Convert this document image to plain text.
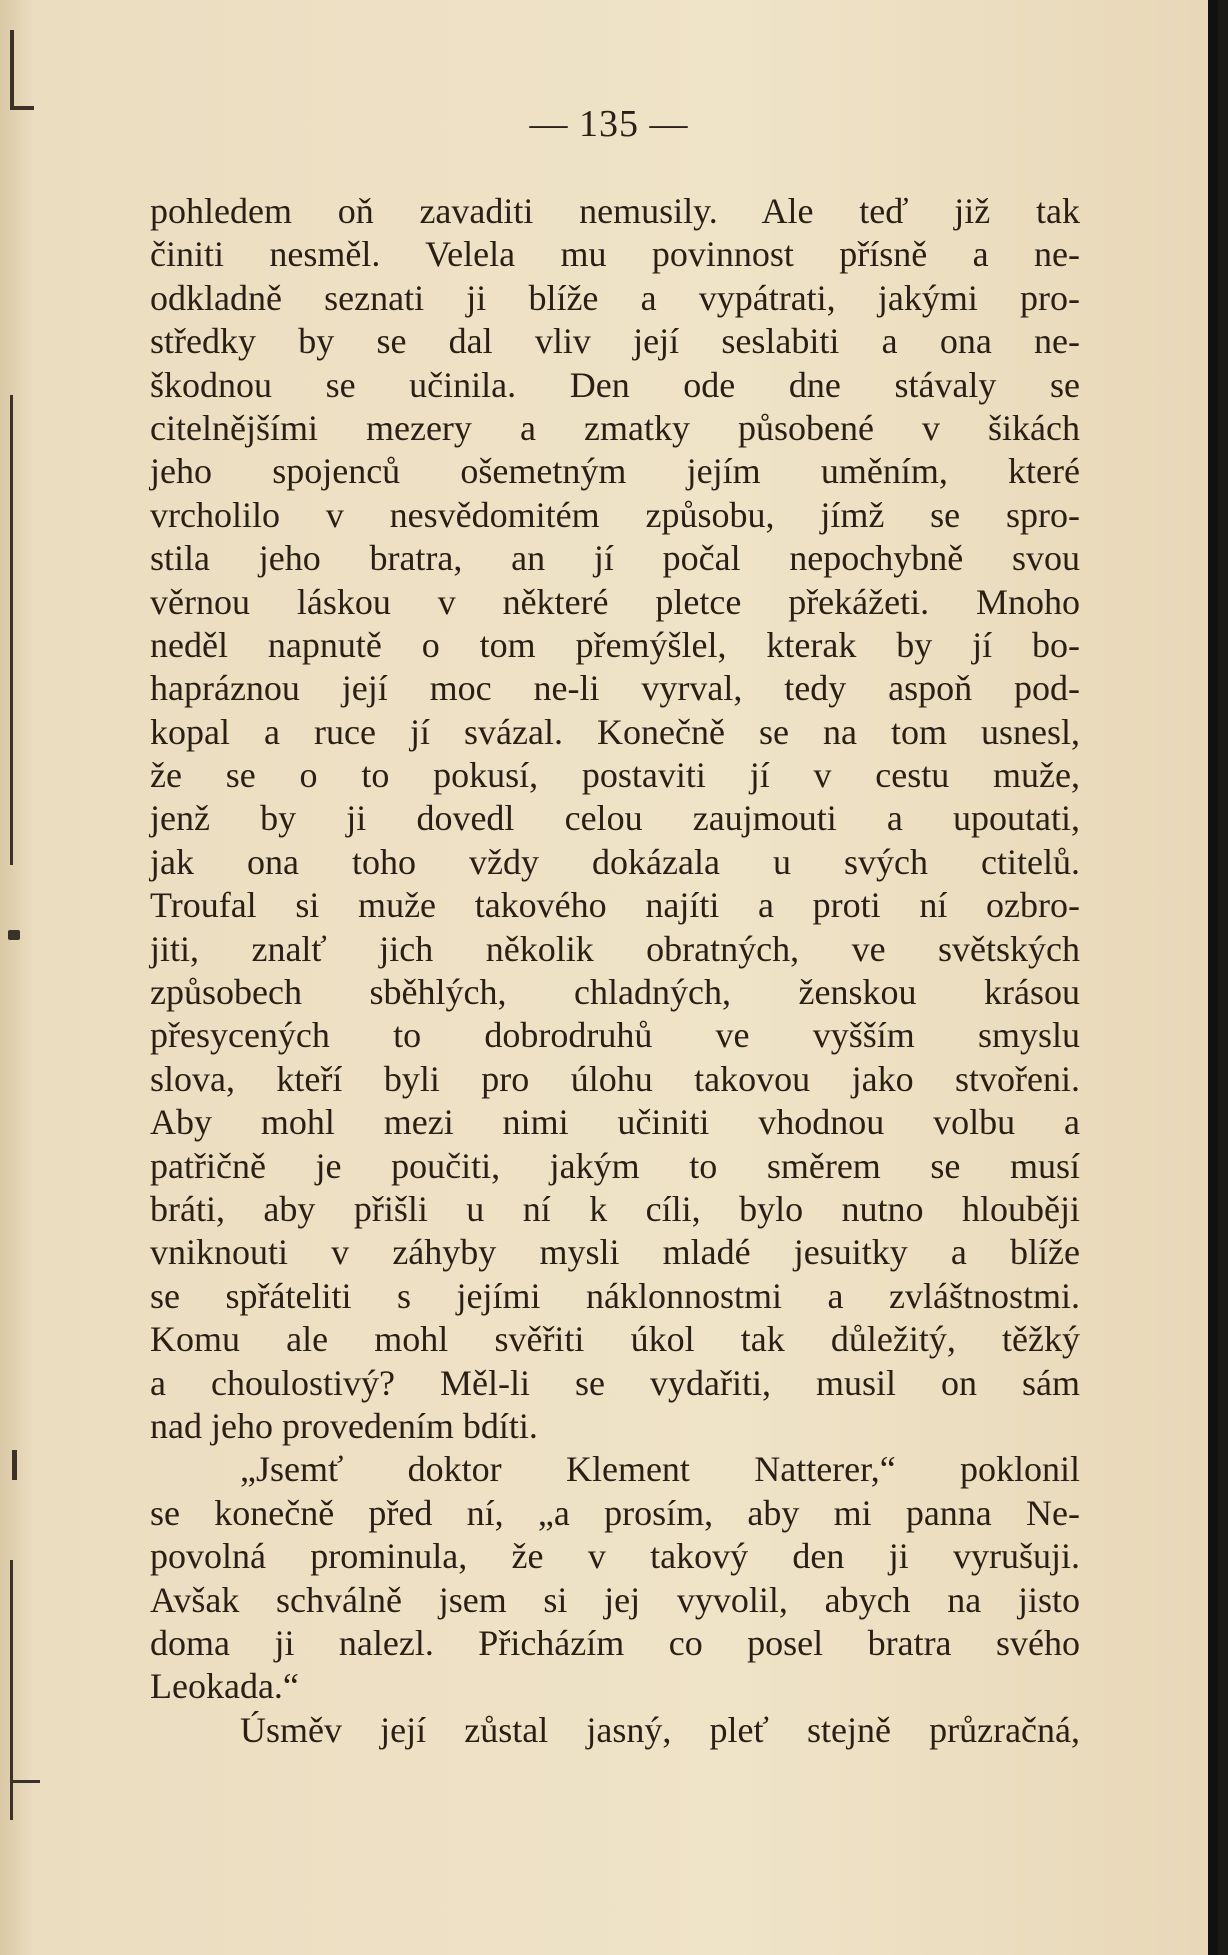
— 135 —
pohledem oň zavaditi nemusily. Ale teď již tak
činiti nesměl. Velela mu povinnost přísně a ne-
odkladně seznati ji blíže a vypátrati, jakými pro-
středky by se dal vliv její seslabiti a ona ne-
škodnou se učinila. Den ode dne stávaly se
citelnějšími mezery a zmatky působené v šikách
jeho spojenců ošemetným jejím uměním, které
vrcholilo v nesvědomitém způsobu, jímž se spro-
stila jeho bratra, an jí počal nepochybně svou
věrnou láskou v některé pletce překážeti. Mnoho
neděl napnutě o tom přemýšlel, kterak by jí bo-
hapráznou její moc ne-li vyrval, tedy aspoň pod-
kopal a ruce jí svázal. Konečně se na tom usnesl,
že se o to pokusí, postaviti jí v cestu muže,
jenž by ji dovedl celou zaujmouti a upoutati,
jak ona toho vždy dokázala u svých ctitelů.
Troufal si muže takového najíti a proti ní ozbro-
jiti, znalť jich několik obratných, ve světských
způsobech sběhlých, chladných, ženskou krásou
přesycených to dobrodruhů ve vyšším smyslu
slova, kteří byli pro úlohu takovou jako stvořeni.
Aby mohl mezi nimi učiniti vhodnou volbu a
patřičně je poučiti, jakým to směrem se musí
bráti, aby přišli u ní k cíli, bylo nutno hlouběji
vniknouti v záhyby mysli mladé jesuitky a blíže
se spřáteliti s jejími náklonnostmi a zvláštnostmi.
Komu ale mohl svěřiti úkol tak důležitý, těžký
a choulostivý? Měl-li se vydařiti, musil on sám
nad jeho provedením bdíti.
„Jsemť doktor Klement Natterer,“ poklonil
se konečně před ní, „a prosím, aby mi panna Ne-
povolná prominula, že v takový den ji vyrušuji.
Avšak schválně jsem si jej vyvolil, abych na jisto
doma ji nalezl. Přicházím co posel bratra svého
Leokada.“
Úsměv její zůstal jasný, pleť stejně průzračná,
